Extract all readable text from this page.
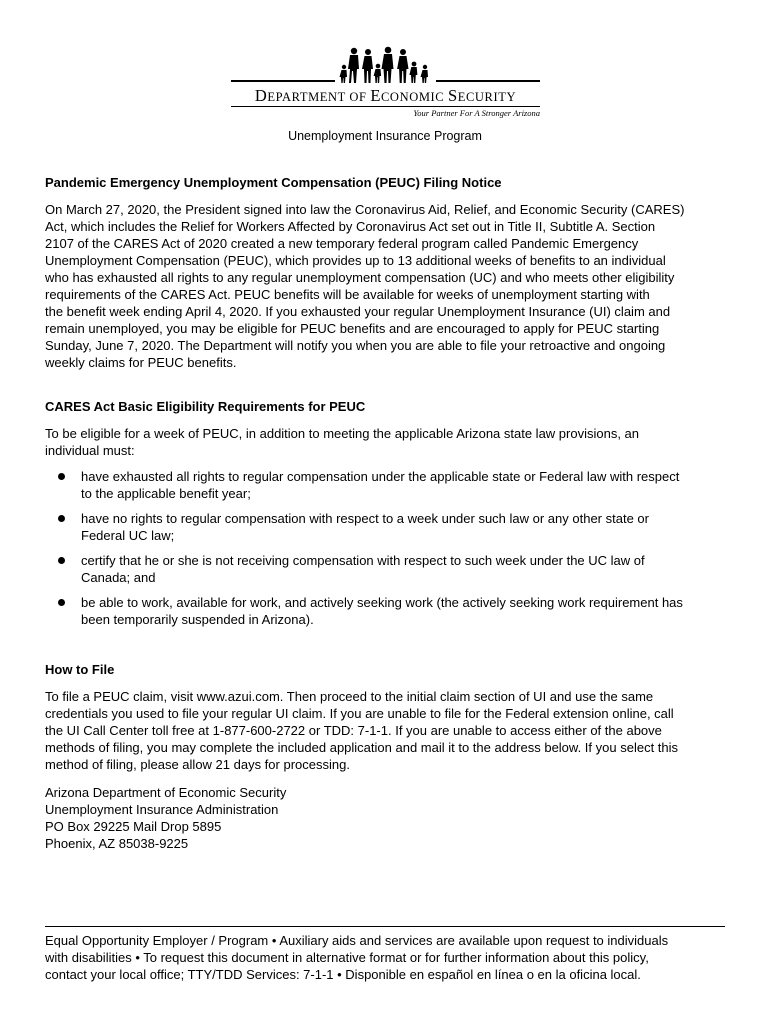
DEPARTMENT OF ECONOMIC SECURITY
Your Partner For A Stronger Arizona
Unemployment Insurance Program
Pandemic Emergency Unemployment Compensation (PEUC) Filing Notice
On March 27, 2020, the President signed into law the Coronavirus Aid, Relief, and Economic Security (CARES)
Act, which includes the Relief for Workers Affected by Coronavirus Act set out in Title II, Subtitle A. Section
2107 of the CARES Act of 2020 created a new temporary federal program called Pandemic Emergency
Unemployment Compensation (PEUC), which provides up to 13 additional weeks of benefits to an individual
who has exhausted all rights to any regular unemployment compensation (UC) and who meets other eligibility
requirements of the CARES Act. PEUC benefits will be available for weeks of unemployment starting with
the benefit week ending April 4, 2020. If you exhausted your regular Unemployment Insurance (UI) claim and
remain unemployed, you may be eligible for PEUC benefits and are encouraged to apply for PEUC starting
Sunday, June 7, 2020. The Department will notify you when you are able to file your retroactive and ongoing
weekly claims for PEUC benefits.
CARES Act Basic Eligibility Requirements for PEUC
To be eligible for a week of PEUC, in addition to meeting the applicable Arizona state law provisions, an
individual must:
have exhausted all rights to regular compensation under the applicable state or Federal law with respect
to the applicable benefit year;
have no rights to regular compensation with respect to a week under such law or any other state or
Federal UC law;
certify that he or she is not receiving compensation with respect to such week under the UC law of
Canada; and
be able to work, available for work, and actively seeking work (the actively seeking work requirement has
been temporarily suspended in Arizona).
How to File
To file a PEUC claim, visit www.azui.com. Then proceed to the initial claim section of UI and use the same
credentials you used to file your regular UI claim. If you are unable to file for the Federal extension online, call
the UI Call Center toll free at 1-877-600-2722 or TDD: 7-1-1. If you are unable to access either of the above
methods of filing, you may complete the included application and mail it to the address below. If you select this
method of filing, please allow 21 days for processing.
Arizona Department of Economic Security
Unemployment Insurance Administration
PO Box 29225 Mail Drop 5895
Phoenix, AZ 85038-9225
Equal Opportunity Employer / Program • Auxiliary aids and services are available upon request to individuals
with disabilities • To request this document in alternative format or for further information about this policy,
contact your local office; TTY/TDD Services: 7-1-1 • Disponible en español en línea o en la oficina local.
